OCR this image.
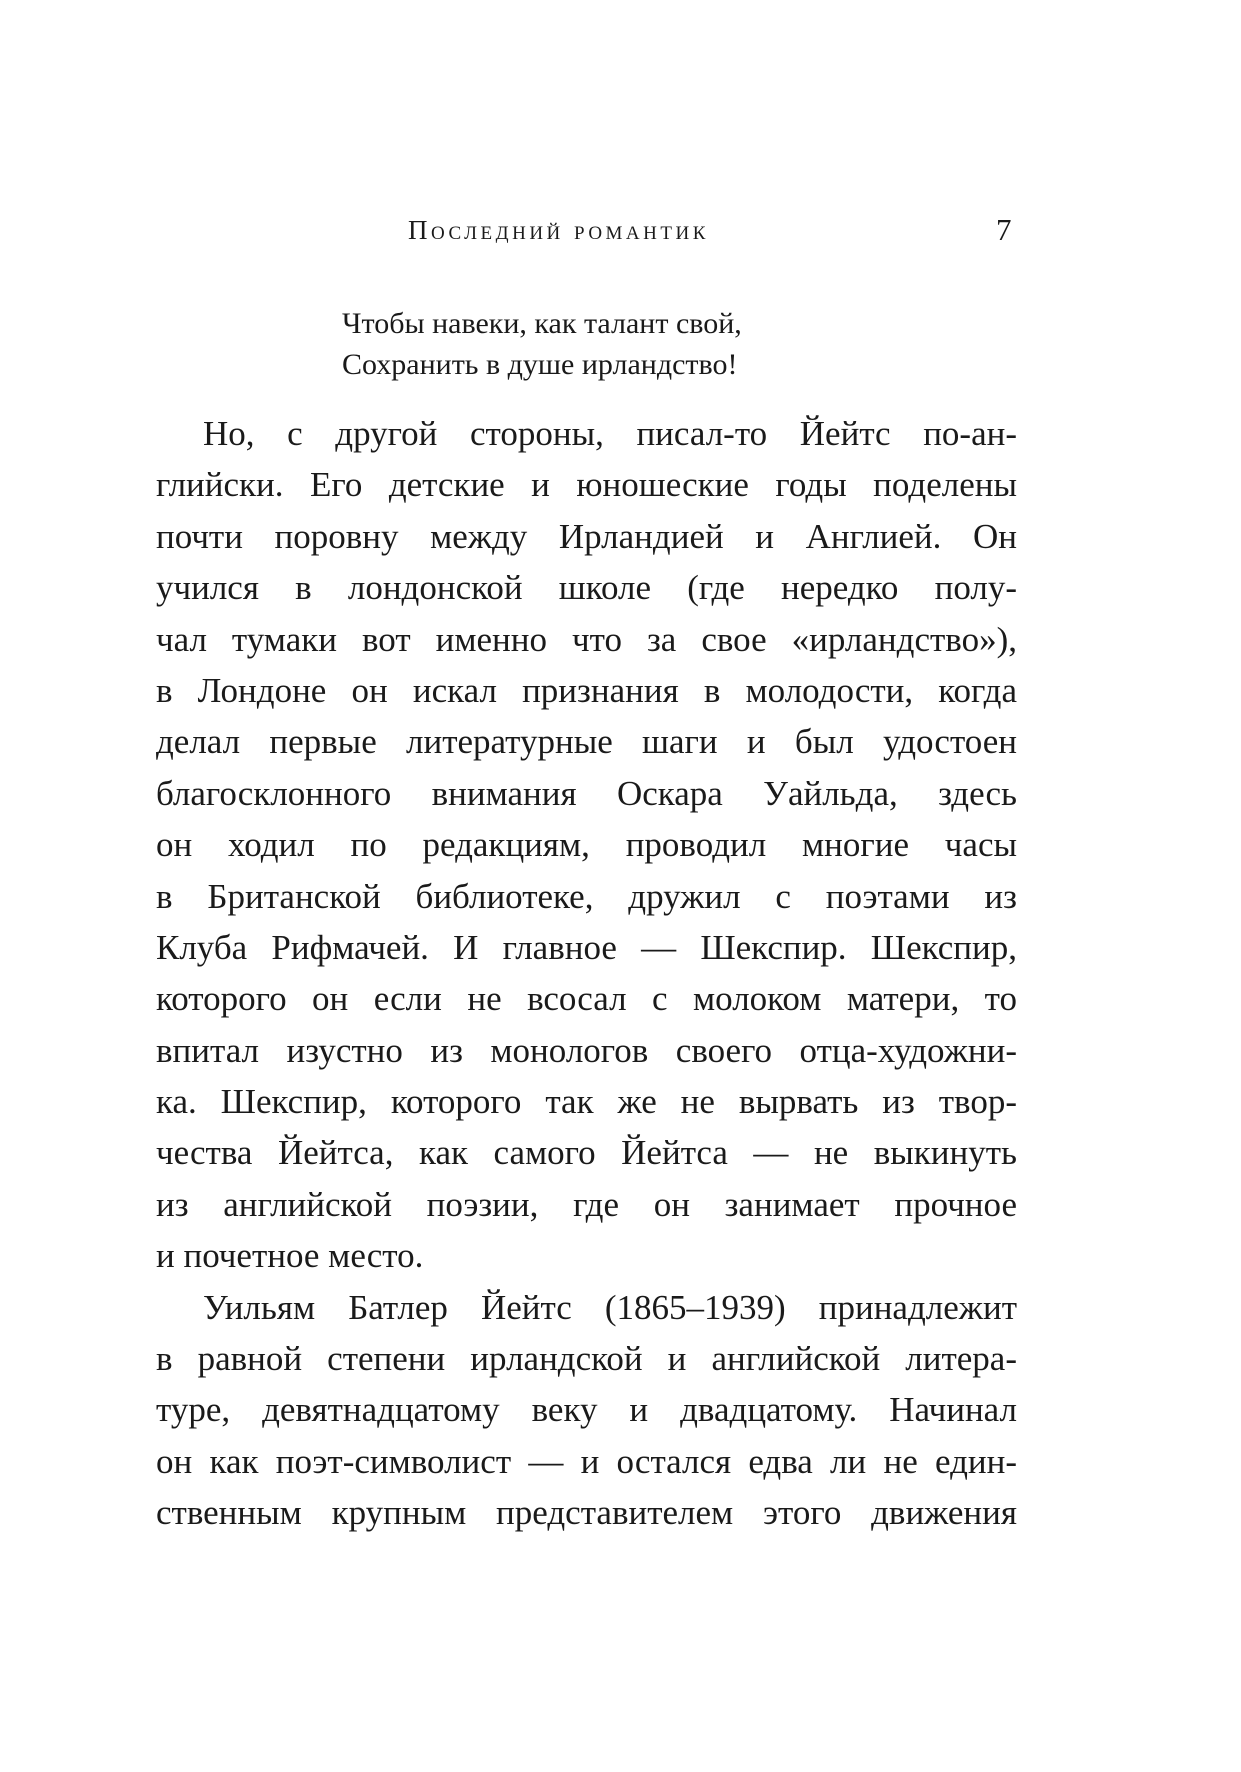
Последний романтик	7
Чтобы навеки, как талант свой,
Сохранить в душе ирландство!
Но, с другой стороны, писал-то Йейтс по-ан-
глийски. Его детские и юношеские годы поделены
почти поровну между Ирландией и Англией. Он
учился в лондонской школе (где нередко полу-
чал тумаки вот именно что за свое «ирландство»),
в Лондоне он искал признания в молодости, когда
делал первые литературные шаги и был удостоен
благосклонного внимания Оскара Уайльда, здесь
он ходил по редакциям, проводил многие часы
в Британской библиотеке, дружил с поэтами из
Клуба Рифмачей. И главное — Шекспир. Шекспир,
которого он если не всосал с молоком матери, то
впитал изустно из монологов своего отца-художни-
ка. Шекспир, которого так же не вырвать из твор-
чества Йейтса, как самого Йейтса — не выкинуть
из английской поэзии, где он занимает прочное
и почетное место.
Уильям Батлер Йейтс (1865–1939) принадлежит
в равной степени ирландской и английской литера-
туре, девятнадцатому веку и двадцатому. Начинал
он как поэт-символист — и остался едва ли не един-
ственным крупным представителем этого движения
